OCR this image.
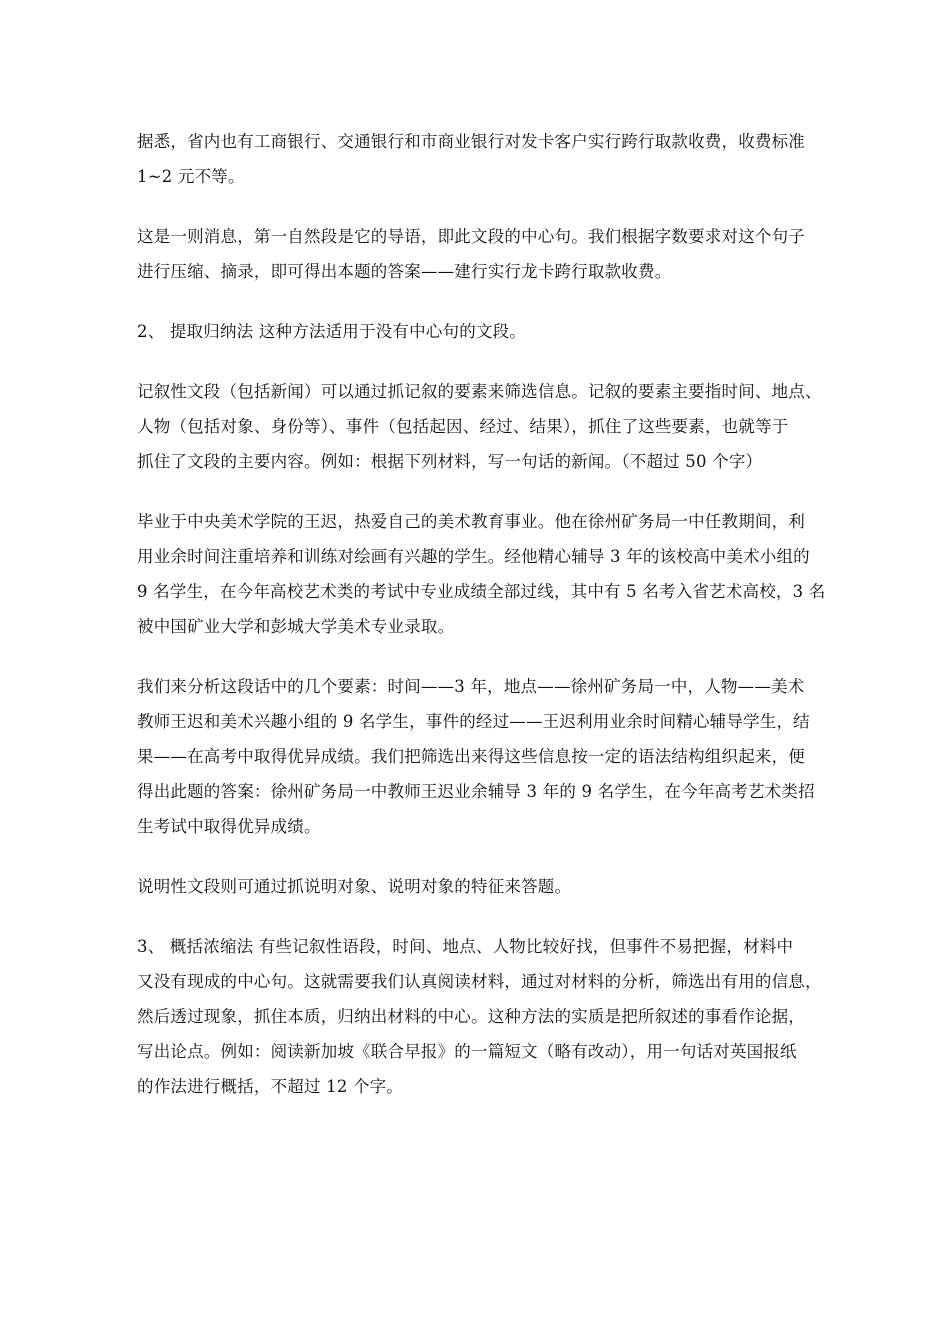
据悉，省内也有工商银行、交通银行和市商业银行对发卡客户实行跨行取款收费，收费标准
1~2 元不等。

这是一则消息，第一自然段是它的导语，即此文段的中心句。我们根据字数要求对这个句子
进行压缩、摘录，即可得出本题的答案——建行实行龙卡跨行取款收费。

2、 提取归纳法 这种方法适用于没有中心句的文段。

记叙性文段（包括新闻）可以通过抓记叙的要素来筛选信息。记叙的要素主要指时间、地点、
人物（包括对象、身份等）、事件（包括起因、经过、结果），抓住了这些要素，也就等于
抓住了文段的主要内容。例如：根据下列材料，写一句话的新闻。（不超过 50 个字）

毕业于中央美术学院的王迟，热爱自己的美术教育事业。他在徐州矿务局一中任教期间，利
用业余时间注重培养和训练对绘画有兴趣的学生。经他精心辅导 3 年的该校高中美术小组的
9 名学生，在今年高校艺术类的考试中专业成绩全部过线，其中有 5 名考入省艺术高校，3 名
被中国矿业大学和彭城大学美术专业录取。

我们来分析这段话中的几个要素：时间——3 年，地点——徐州矿务局一中，人物——美术
教师王迟和美术兴趣小组的 9 名学生，事件的经过——王迟利用业余时间精心辅导学生，结
果——在高考中取得优异成绩。我们把筛选出来得这些信息按一定的语法结构组织起来，便
得出此题的答案：徐州矿务局一中教师王迟业余辅导 3 年的 9 名学生，在今年高考艺术类招
生考试中取得优异成绩。

说明性文段则可通过抓说明对象、说明对象的特征来答题。

3、 概括浓缩法 有些记叙性语段，时间、地点、人物比较好找，但事件不易把握，材料中
又没有现成的中心句。这就需要我们认真阅读材料，通过对材料的分析，筛选出有用的信息，
然后透过现象，抓住本质，归纳出材料的中心。这种方法的实质是把所叙述的事看作论据，
写出论点。例如：阅读新加坡《联合早报》的一篇短文（略有改动），用一句话对英国报纸
的作法进行概括，不超过 12 个字。
